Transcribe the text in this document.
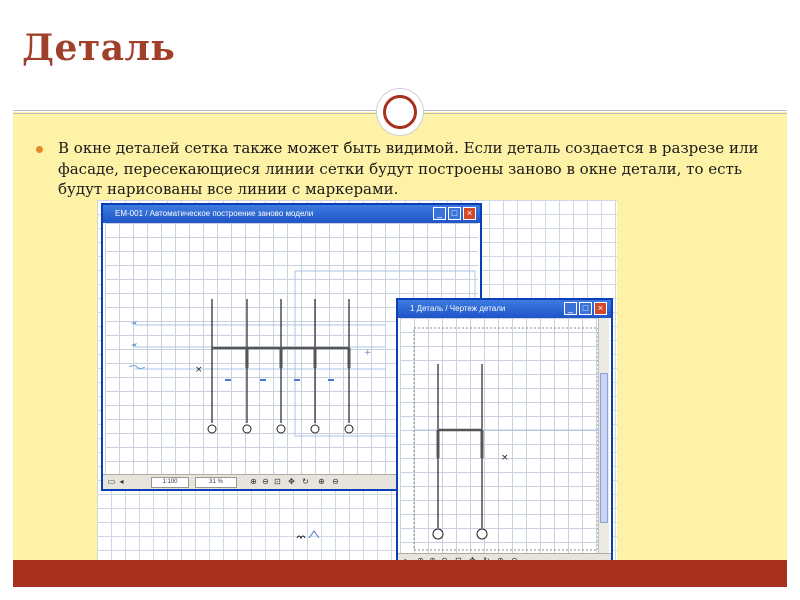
Деталь
В окне деталей сетка также может быть видимой. Если деталь создается в разрезе или фасаде, пересекающиеся линии сетки будут построены заново в окне детали, то есть будут нарисованы все линии с маркерами.
ЕМ-001 / Автоматическое построение заново модели	_	□	×
×
+
▭ ◂	1:100	31 %	⊕ ⊖ ⊡ ✥ ↻ ⊕ ⊖
1 Деталь / Чертеж детали	_	□	×
×
